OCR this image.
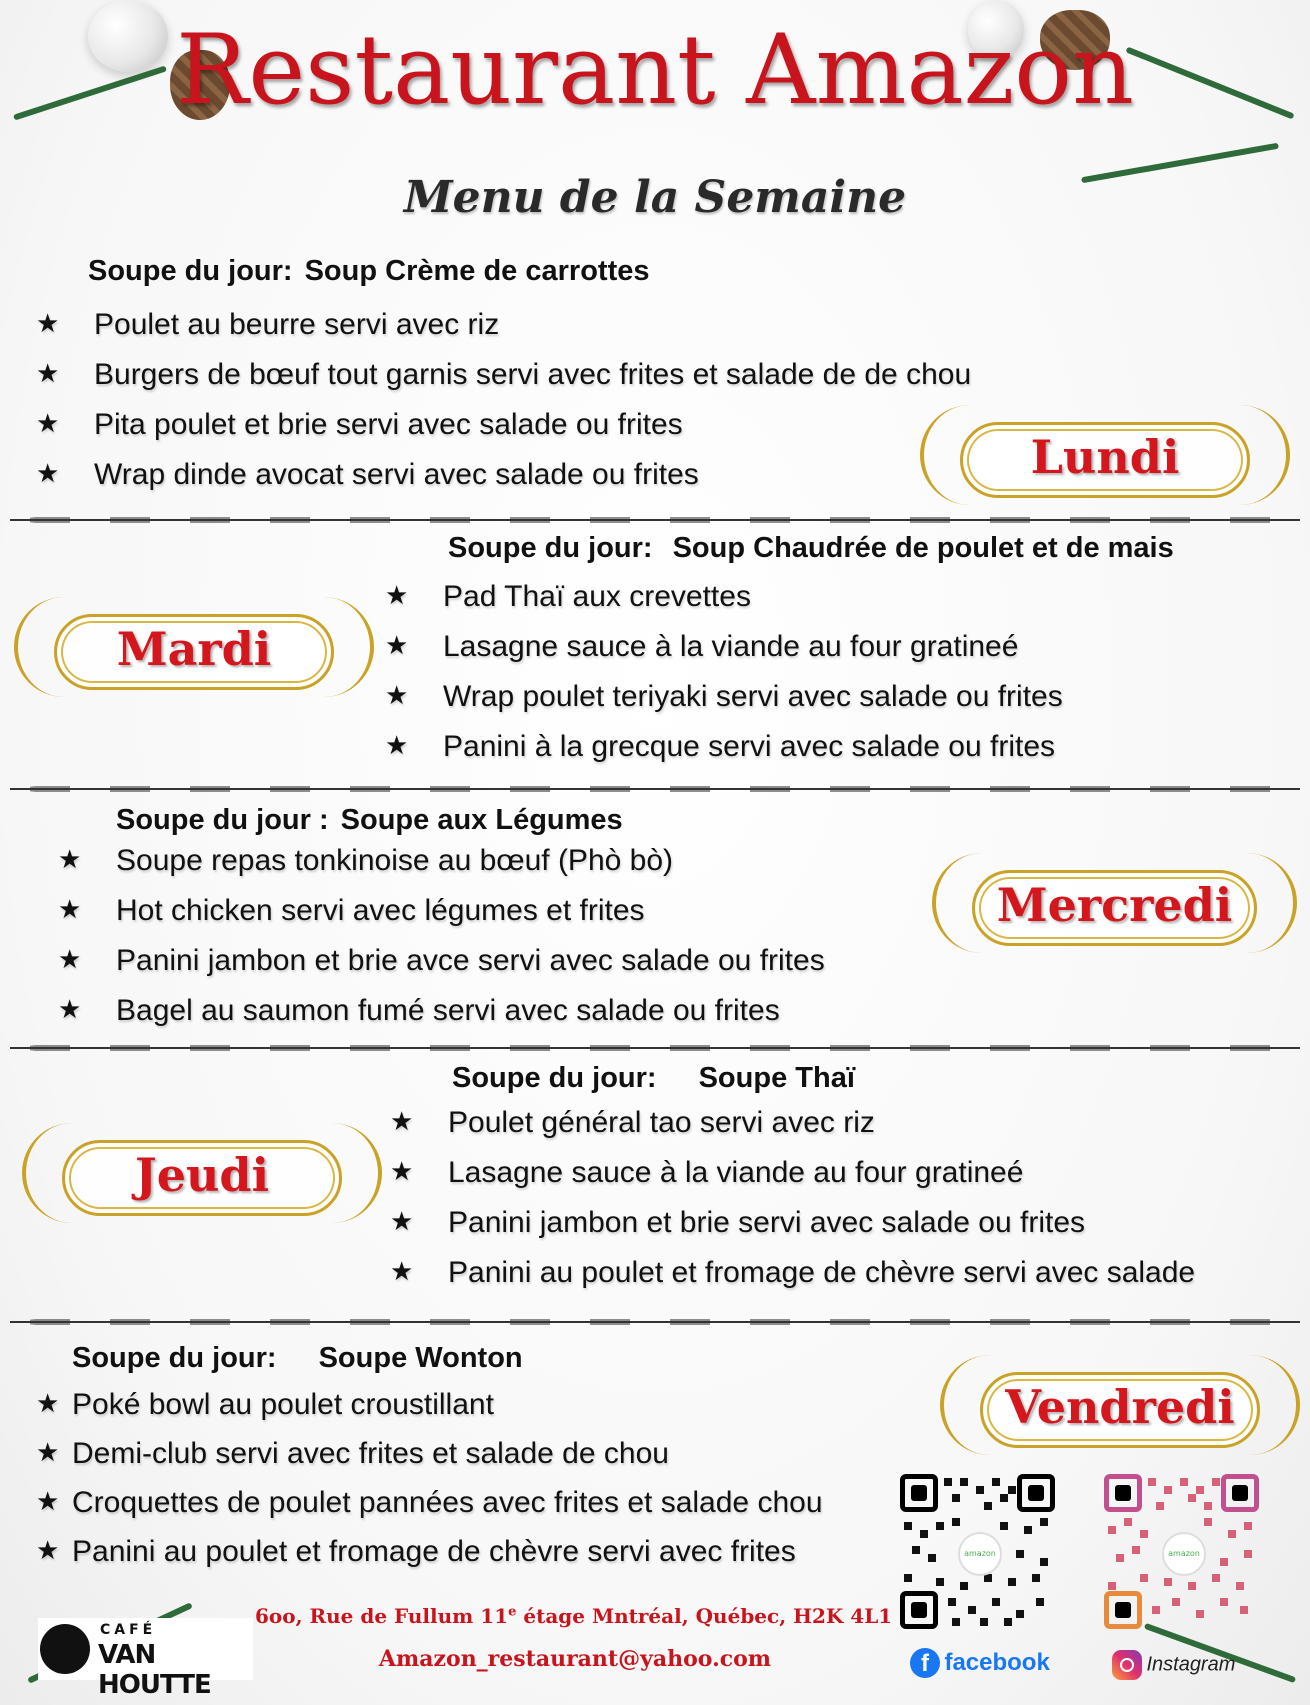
Restaurant Amazon
Menu de la Semaine
Soupe du jour: Soup Crème de carrottes
★ Poulet au beurre servi avec riz
★ Burgers de bœuf tout garnis servi avec frites et salade de de chou
★ Pita poulet et brie servi avec salade ou frites
★ Wrap dinde avocat servi avec salade ou frites	Lundi
Soupe du jour: Soup Chaudrée de poulet et de mais
★ Pad Thaï aux crevettes
★ Lasagne sauce à la viande au four gratineé
★ Wrap poulet teriyaki servi avec salade ou frites
★ Panini à la grecque servi avec salade ou frites
Mardi
Soupe du jour : Soupe aux Légumes
★ Soupe repas tonkinoise au bœuf (Phò bò)
★ Hot chicken servi avec légumes et frites
★ Panini jambon et brie avce servi avec salade ou frites
★ Bagel au saumon fumé servi avec salade ou frites
Mercredi
Soupe du jour: Soupe Thaï
★ Poulet général tao servi avec riz
★ Lasagne sauce à la viande au four gratineé
★ Panini jambon et brie servi avec salade ou frites
★ Panini au poulet et fromage de chèvre servi avec salade
Jeudi
Soupe du jour: Soupe Wonton
★ Poké bowl au poulet croustillant
★ Demi-club servi avec frites et salade de chou
★ Croquettes de poulet pannées avec frites et salade chou
★ Panini au poulet et fromage de chèvre servi avec frites
Vendredi
amazon	amazon
f facebook	Instagram
6oo, Rue de Fullum 11e étage Mntréal, Québec, H2K 4L1
Amazon_restaurant@yahoo.com
CAFÉ
VAN HOUTTE
